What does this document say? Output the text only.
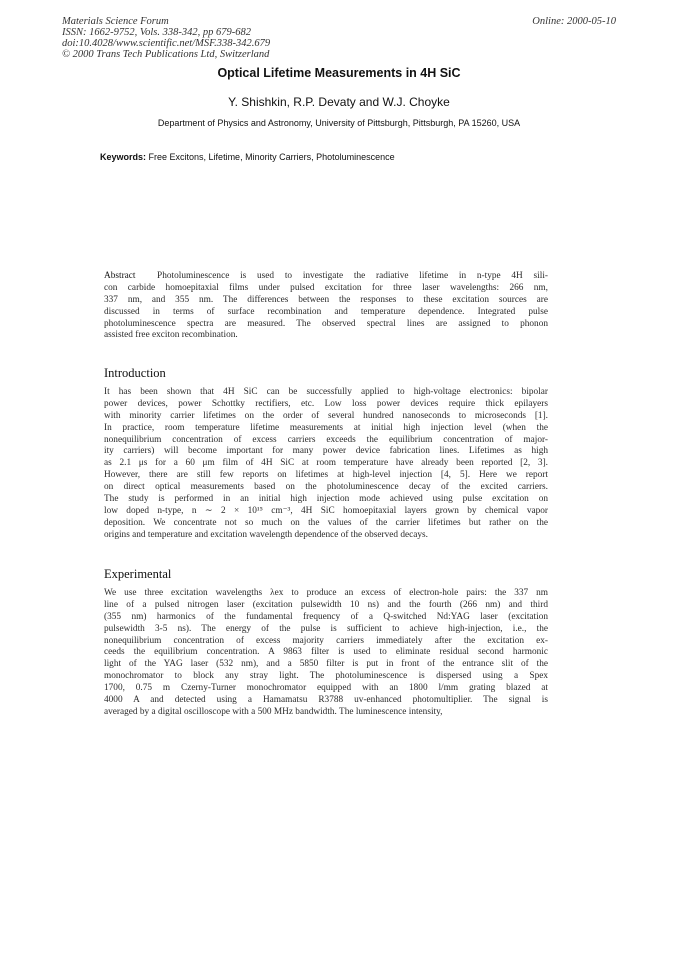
Materials Science Forum
ISSN: 1662-9752, Vols. 338-342, pp 679-682
doi:10.4028/www.scientific.net/MSF.338-342.679
© 2000 Trans Tech Publications Ltd, Switzerland
Online: 2000-05-10
Optical Lifetime Measurements in 4H SiC
Y. Shishkin, R.P. Devaty and W.J. Choyke
Department of Physics and Astronomy, University of Pittsburgh, Pittsburgh, PA 15260, USA
Keywords: Free Excitons, Lifetime, Minority Carriers, Photoluminescence
Abstract Photoluminescence is used to investigate the radiative lifetime in n-type 4H sili-
con carbide homoepitaxial films under pulsed excitation for three laser wavelengths: 266 nm,
337 nm, and 355 nm. The differences between the responses to these excitation sources are
discussed in terms of surface recombination and temperature dependence. Integrated pulse
photoluminescence spectra are measured. The observed spectral lines are assigned to phonon
assisted free exciton recombination.
Introduction
It has been shown that 4H SiC can be successfully applied to high-voltage electronics: bipolar
power devices, power Schottky rectifiers, etc. Low loss power devices require thick epilayers
with minority carrier lifetimes on the order of several hundred nanoseconds to microseconds [1].
In practice, room temperature lifetime measurements at initial high injection level (when the
nonequilibrium concentration of excess carriers exceeds the equilibrium concentration of major-
ity carriers) will become important for many power device fabrication lines. Lifetimes as high
as 2.1 μs for a 60 μm film of 4H SiC at room temperature have already been reported [2, 3].
However, there are still few reports on lifetimes at high-level injection [4, 5]. Here we report
on direct optical measurements based on the photoluminescence decay of the excited carriers.
The study is performed in an initial high injection mode achieved using pulse excitation on
low doped n-type, n ∼ 2 × 10¹⁵ cm⁻³, 4H SiC homoepitaxial layers grown by chemical vapor
deposition. We concentrate not so much on the values of the carrier lifetimes but rather on the
origins and temperature and excitation wavelength dependence of the observed decays.
Experimental
We use three excitation wavelengths λex to produce an excess of electron-hole pairs: the 337 nm
line of a pulsed nitrogen laser (excitation pulsewidth 10 ns) and the fourth (266 nm) and third
(355 nm) harmonics of the fundamental frequency of a Q-switched Nd:YAG laser (excitation
pulsewidth 3-5 ns). The energy of the pulse is sufficient to achieve high-injection, i.e., the
nonequilibrium concentration of excess majority carriers immediately after the excitation ex-
ceeds the equilibrium concentration. A 9863 filter is used to eliminate residual second harmonic
light of the YAG laser (532 nm), and a 5850 filter is put in front of the entrance slit of the
monochromator to block any stray light. The photoluminescence is dispersed using a Spex
1700, 0.75 m Czerny-Turner monochromator equipped with an 1800 l/mm grating blazed at
4000 A and detected using a Hamamatsu R3788 uv-enhanced photomultiplier. The signal is
averaged by a digital oscilloscope with a 500 MHz bandwidth. The luminescence intensity,
